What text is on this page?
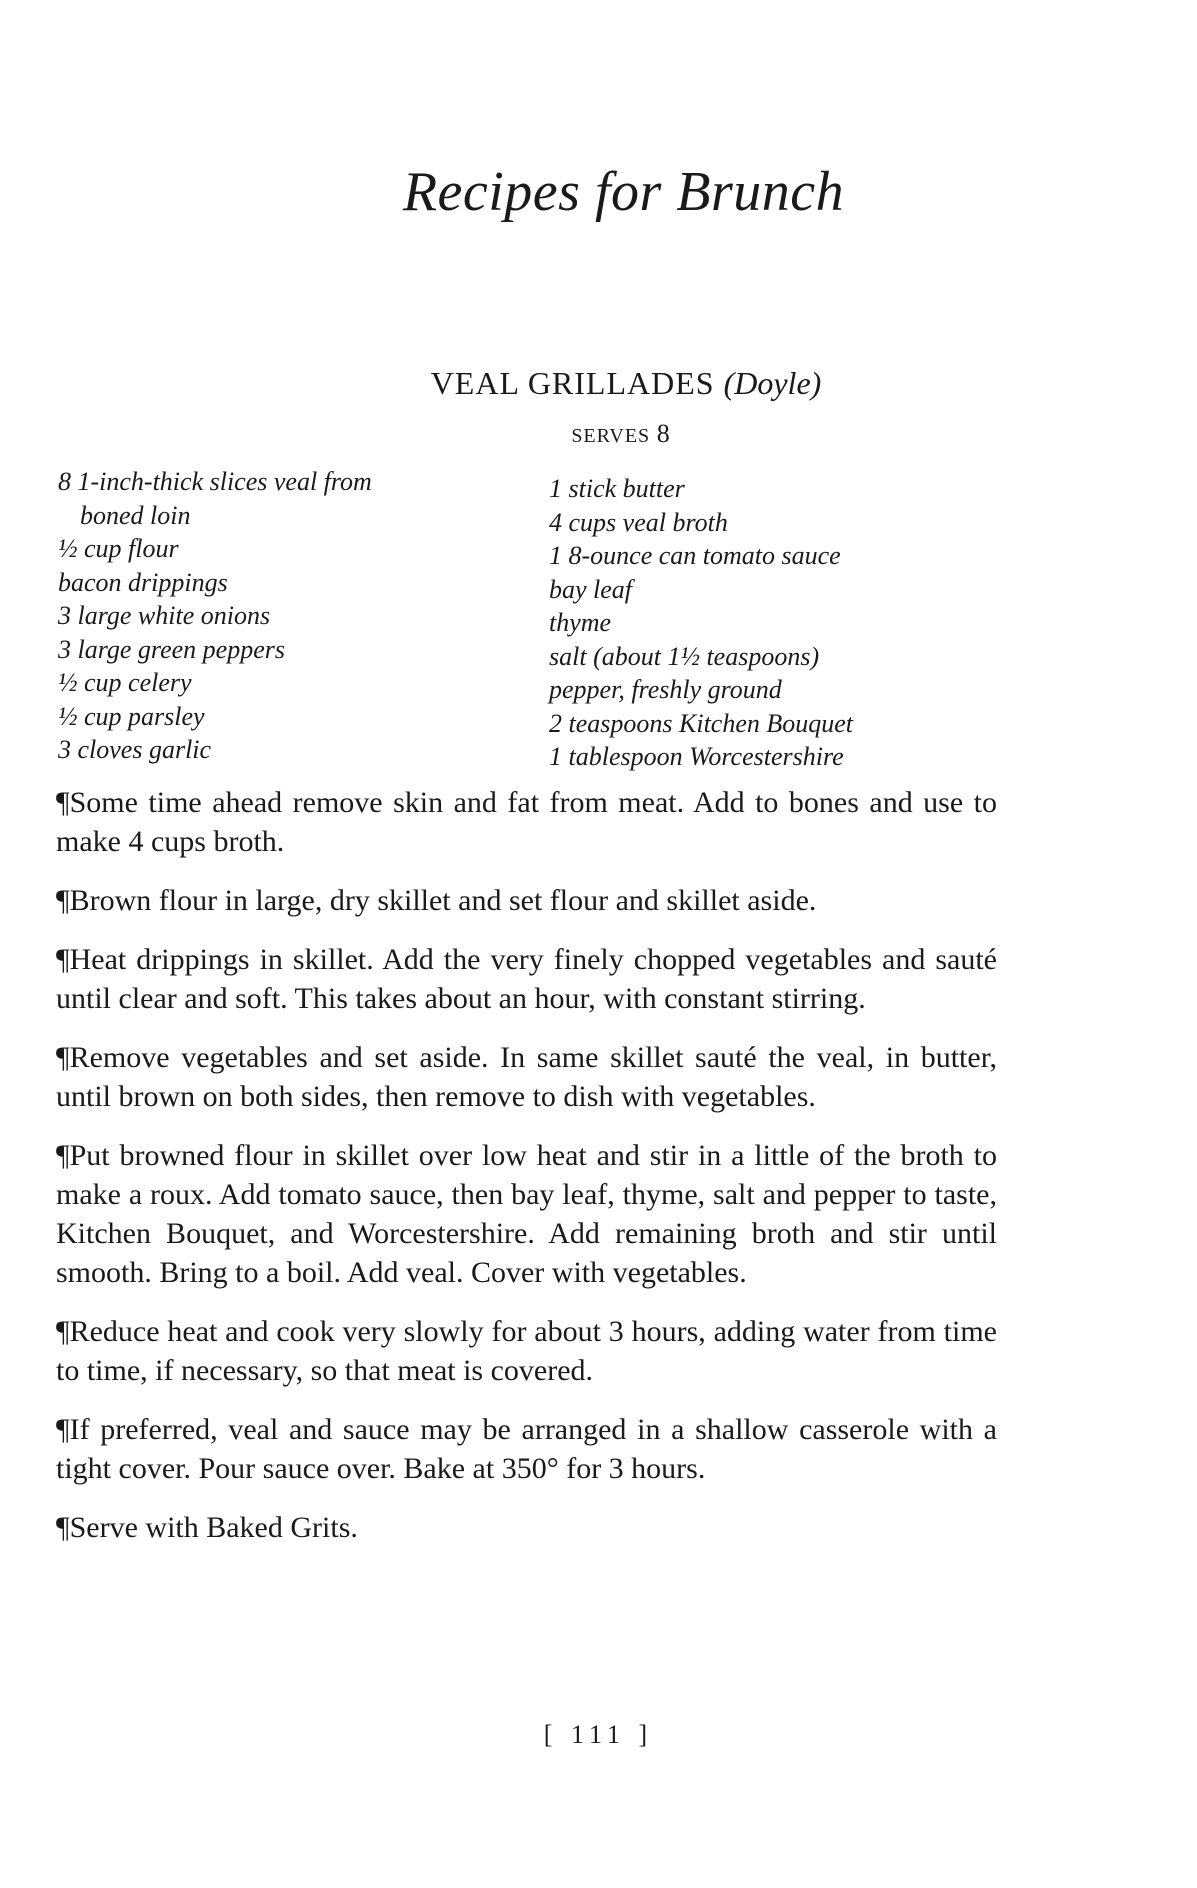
Recipes for Brunch
VEAL GRILLADES (Doyle)
SERVES 8
8 1-inch-thick slices veal from
boned loin
½ cup flour
bacon drippings
3 large white onions
3 large green peppers
½ cup celery
½ cup parsley
3 cloves garlic
1 stick butter
4 cups veal broth
1 8-ounce can tomato sauce
bay leaf
thyme
salt (about 1½ teaspoons)
pepper, freshly ground
2 teaspoons Kitchen Bouquet
1 tablespoon Worcestershire

¶Some time ahead remove skin and fat from meat. Add to bones and use to make 4 cups broth.

¶Brown flour in large, dry skillet and set flour and skillet aside.

¶Heat drippings in skillet. Add the very finely chopped vegetables and sauté until clear and soft. This takes about an hour, with constant stirring.

¶Remove vegetables and set aside. In same skillet sauté the veal, in butter, until brown on both sides, then remove to dish with vegetables.

¶Put browned flour in skillet over low heat and stir in a little of the broth to make a roux. Add tomato sauce, then bay leaf, thyme, salt and pepper to taste, Kitchen Bouquet, and Worcestershire. Add remaining broth and stir until smooth. Bring to a boil. Add veal. Cover with vegetables.

¶Reduce heat and cook very slowly for about 3 hours, adding water from time to time, if necessary, so that meat is covered.

¶If preferred, veal and sauce may be arranged in a shallow casserole with a tight cover. Pour sauce over. Bake at 350° for 3 hours.

¶Serve with Baked Grits.

[ 111 ]
